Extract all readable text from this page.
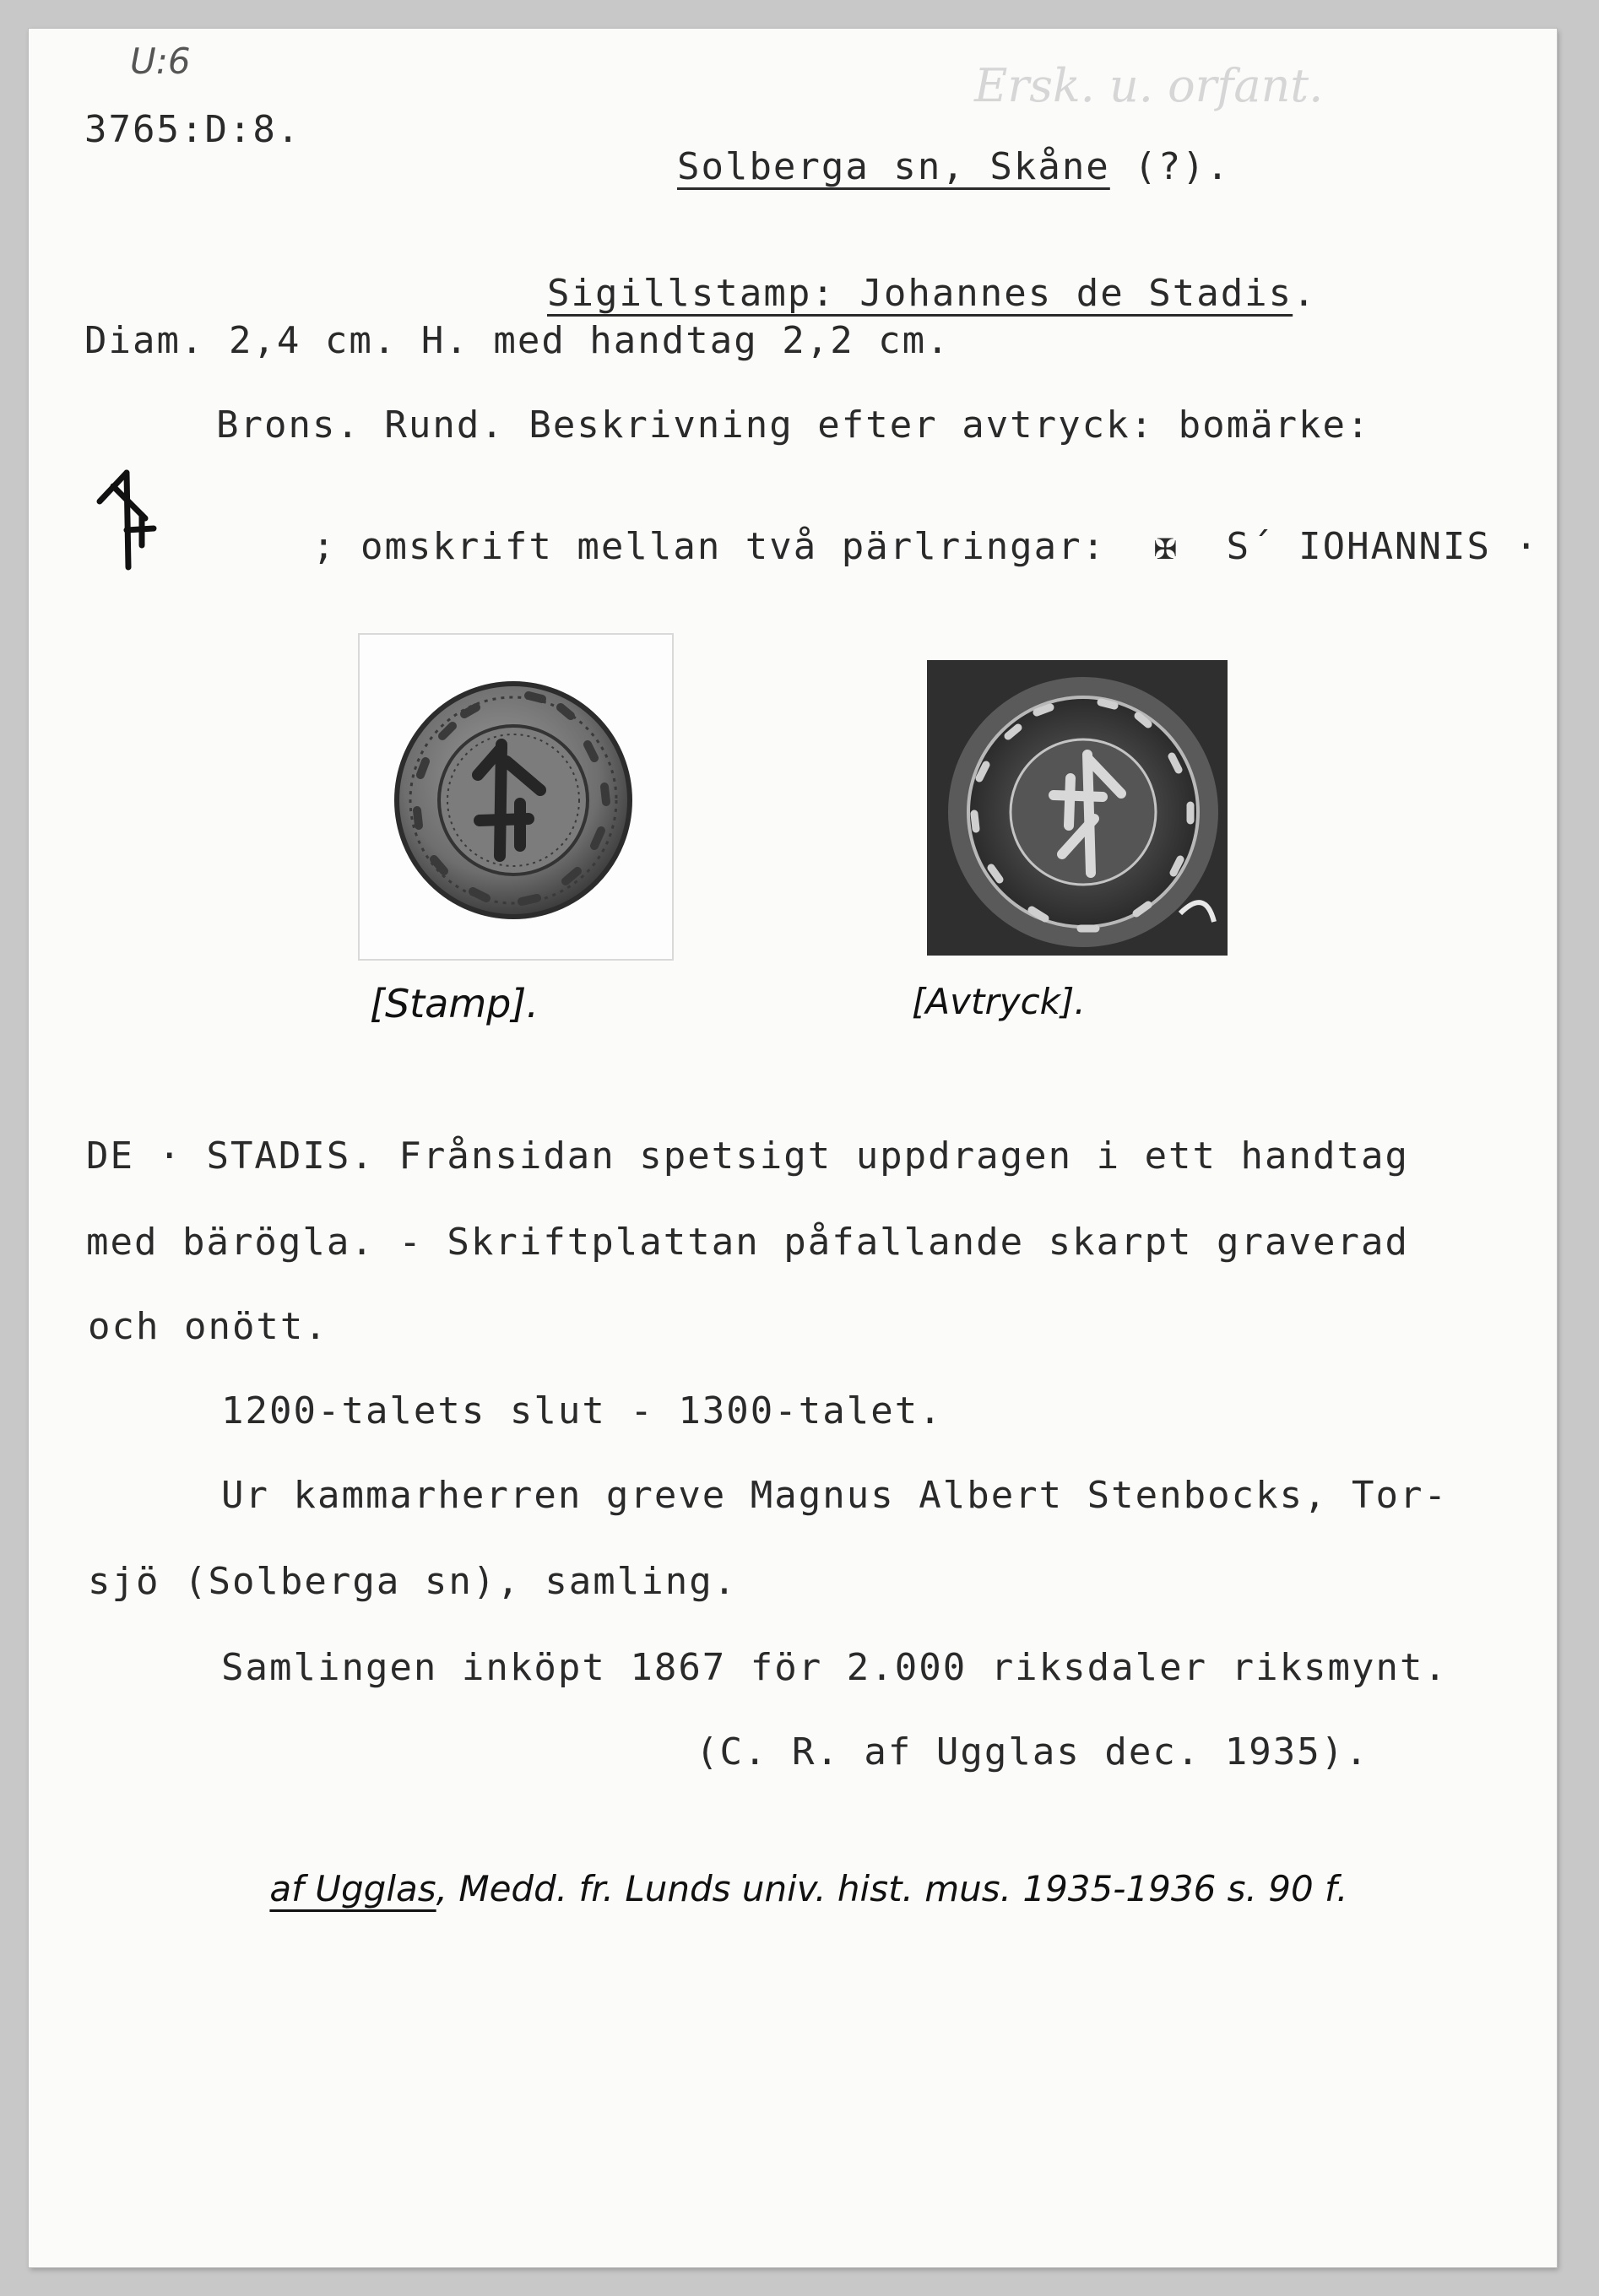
U:6	Ersk. u. orfant.
3765:D:8.

Solberga sn, Skåne (?).

Sigillstamp: Johannes de Stadis.

Diam. 2,4 cm. H. med handtag 2,2 cm.
Brons. Rund. Beskrivning efter avtryck: bomärke:

; omskrift mellan två pärlringar: ✠ S´ IOHANNIS ·

[Stamp].	[Avtryck].
DE · STADIS. Frånsidan spetsigt uppdragen i ett handtag
med bärögla. - Skriftplattan påfallande skarpt graverad
och onött.
1200-talets slut - 1300-talet.
Ur kammarherren greve Magnus Albert Stenbocks, Tor-
sjö (Solberga sn), samling.
Samlingen inköpt 1867 för 2.000 riksdaler riksmynt.
(C. R. af Ugglas dec. 1935).

af Ugglas, Medd. fr. Lunds univ. hist. mus. 1935-1936 s. 90 f.
